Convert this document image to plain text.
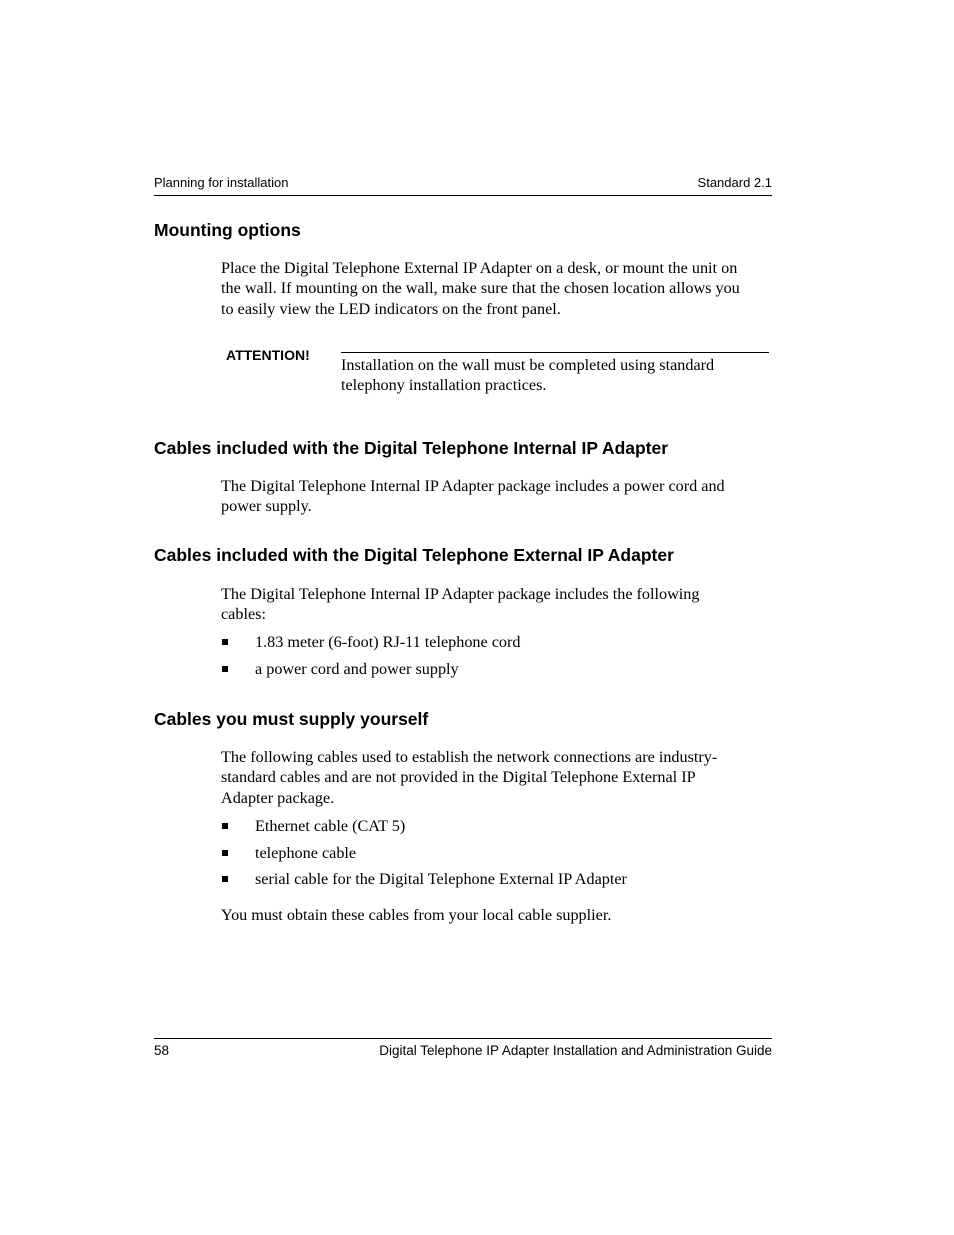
Planning for installation	Standard 2.1
Mounting options

Place the Digital Telephone External IP Adapter on a desk, or mount the unit on
the wall. If mounting on the wall, make sure that the chosen location allows you
to easily view the LED indicators on the front panel.

ATTENTION!

Installation on the wall must be completed using standard
telephony installation practices.

Cables included with the Digital Telephone Internal IP Adapter

The Digital Telephone Internal IP Adapter package includes a power cord and
power supply.

Cables included with the Digital Telephone External IP Adapter

The Digital Telephone Internal IP Adapter package includes the following
cables:

1.83 meter (6-foot) RJ-11 telephone cord
a power cord and power supply
Cables you must supply yourself

The following cables used to establish the network connections are industry-
standard cables and are not provided in the Digital Telephone External IP
Adapter package.

Ethernet cable (CAT 5)
telephone cable
serial cable for the Digital Telephone External IP Adapter

You must obtain these cables from your local cable supplier.

58	Digital Telephone IP Adapter Installation and Administration Guide
